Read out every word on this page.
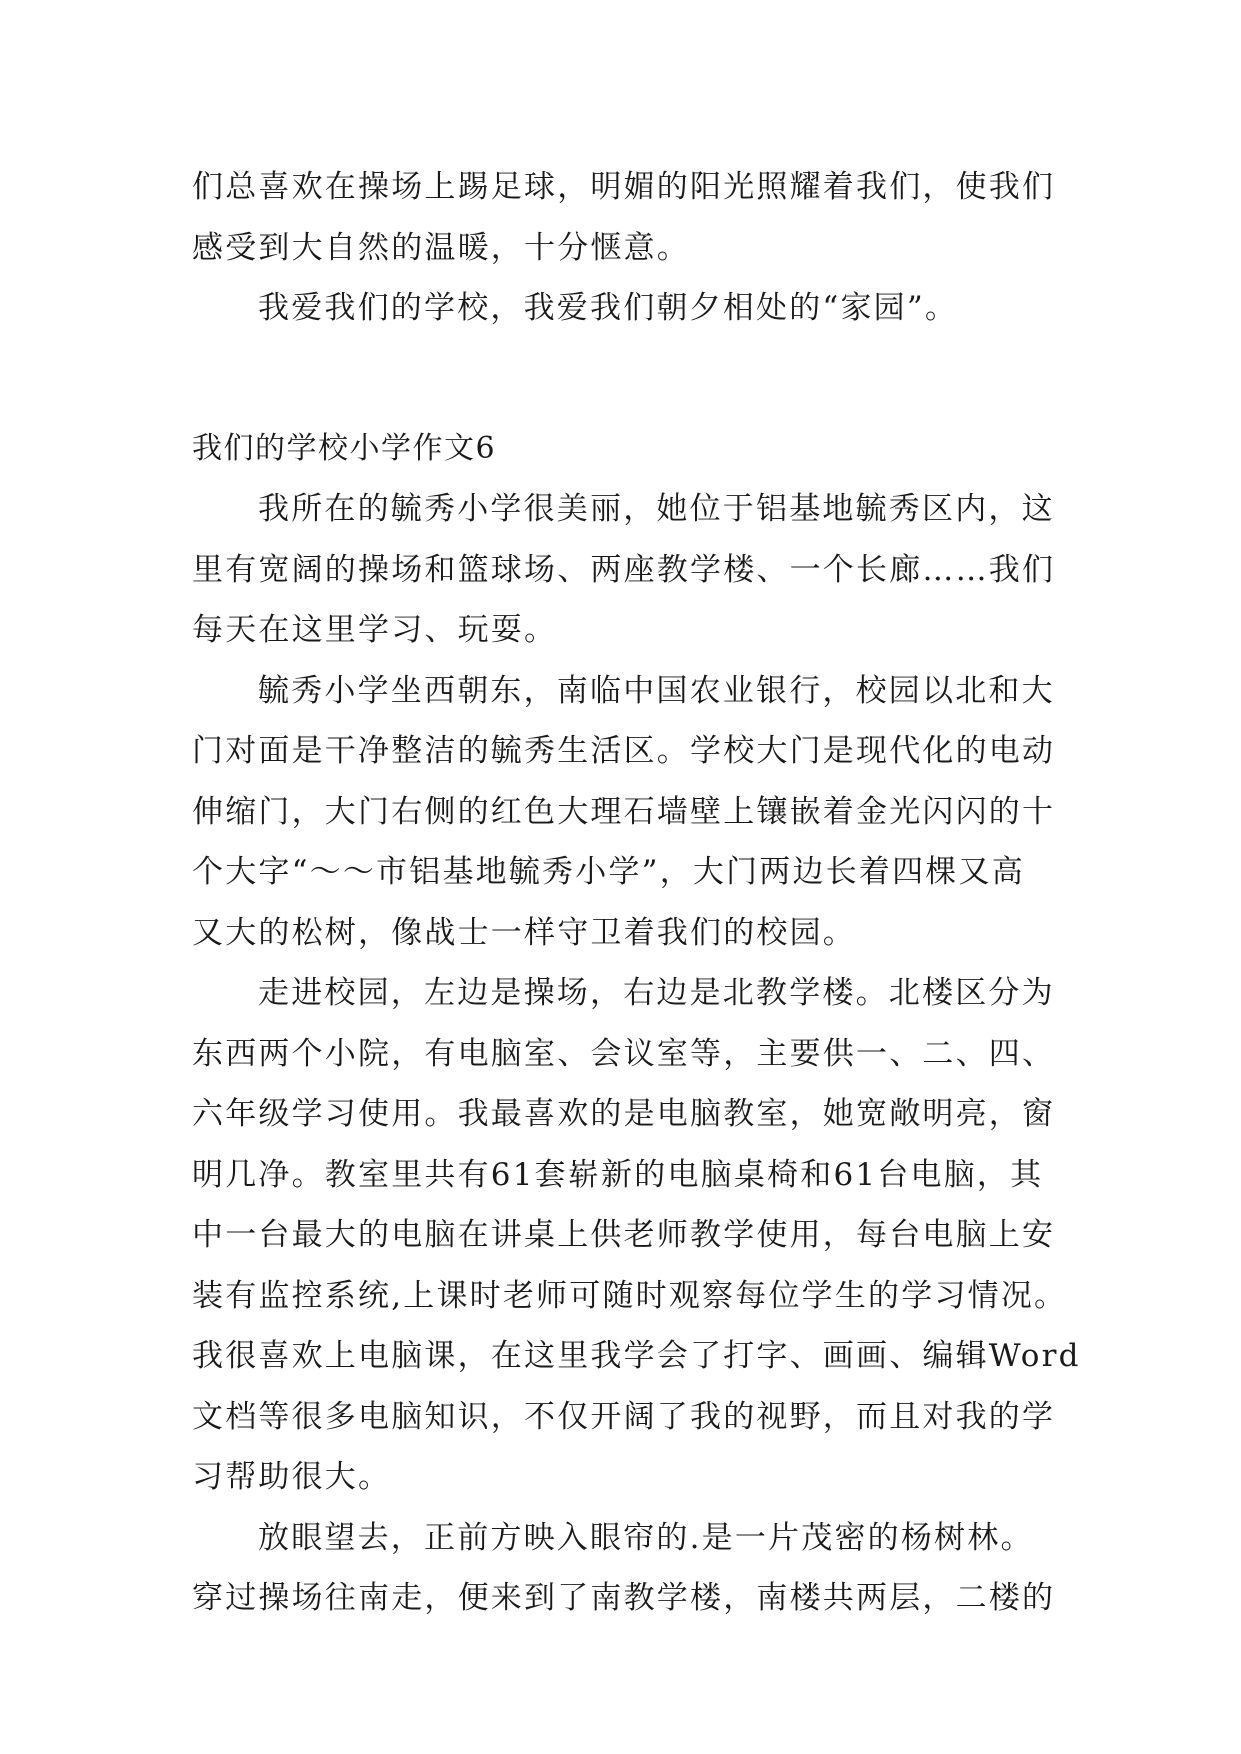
们总喜欢在操场上踢足球，明媚的阳光照耀着我们，使我们
感受到大自然的温暖，十分惬意。
我爱我们的学校，我爱我们朝夕相处的“家园”。
我们的学校小学作文6
我所在的毓秀小学很美丽，她位于铝基地毓秀区内，这
里有宽阔的操场和篮球场、两座教学楼、一个长廊……我们
每天在这里学习、玩耍。
毓秀小学坐西朝东，南临中国农业银行，校园以北和大
门对面是干净整洁的毓秀生活区。学校大门是现代化的电动
伸缩门，大门右侧的红色大理石墙壁上镶嵌着金光闪闪的十
个大字“～～市铝基地毓秀小学”，大门两边长着四棵又高
又大的松树，像战士一样守卫着我们的校园。
走进校园，左边是操场，右边是北教学楼。北楼区分为
东西两个小院，有电脑室、会议室等，主要供一、二、四、
六年级学习使用。我最喜欢的是电脑教室，她宽敞明亮，窗
明几净。教室里共有61套崭新的电脑桌椅和61台电脑，其
中一台最大的电脑在讲桌上供老师教学使用，每台电脑上安
装有监控系统,上课时老师可随时观察每位学生的学习情况。
我很喜欢上电脑课，在这里我学会了打字、画画、编辑Word
文档等很多电脑知识，不仅开阔了我的视野，而且对我的学
习帮助很大。
放眼望去，正前方映入眼帘的.是一片茂密的杨树林。
穿过操场往南走，便来到了南教学楼，南楼共两层，二楼的
